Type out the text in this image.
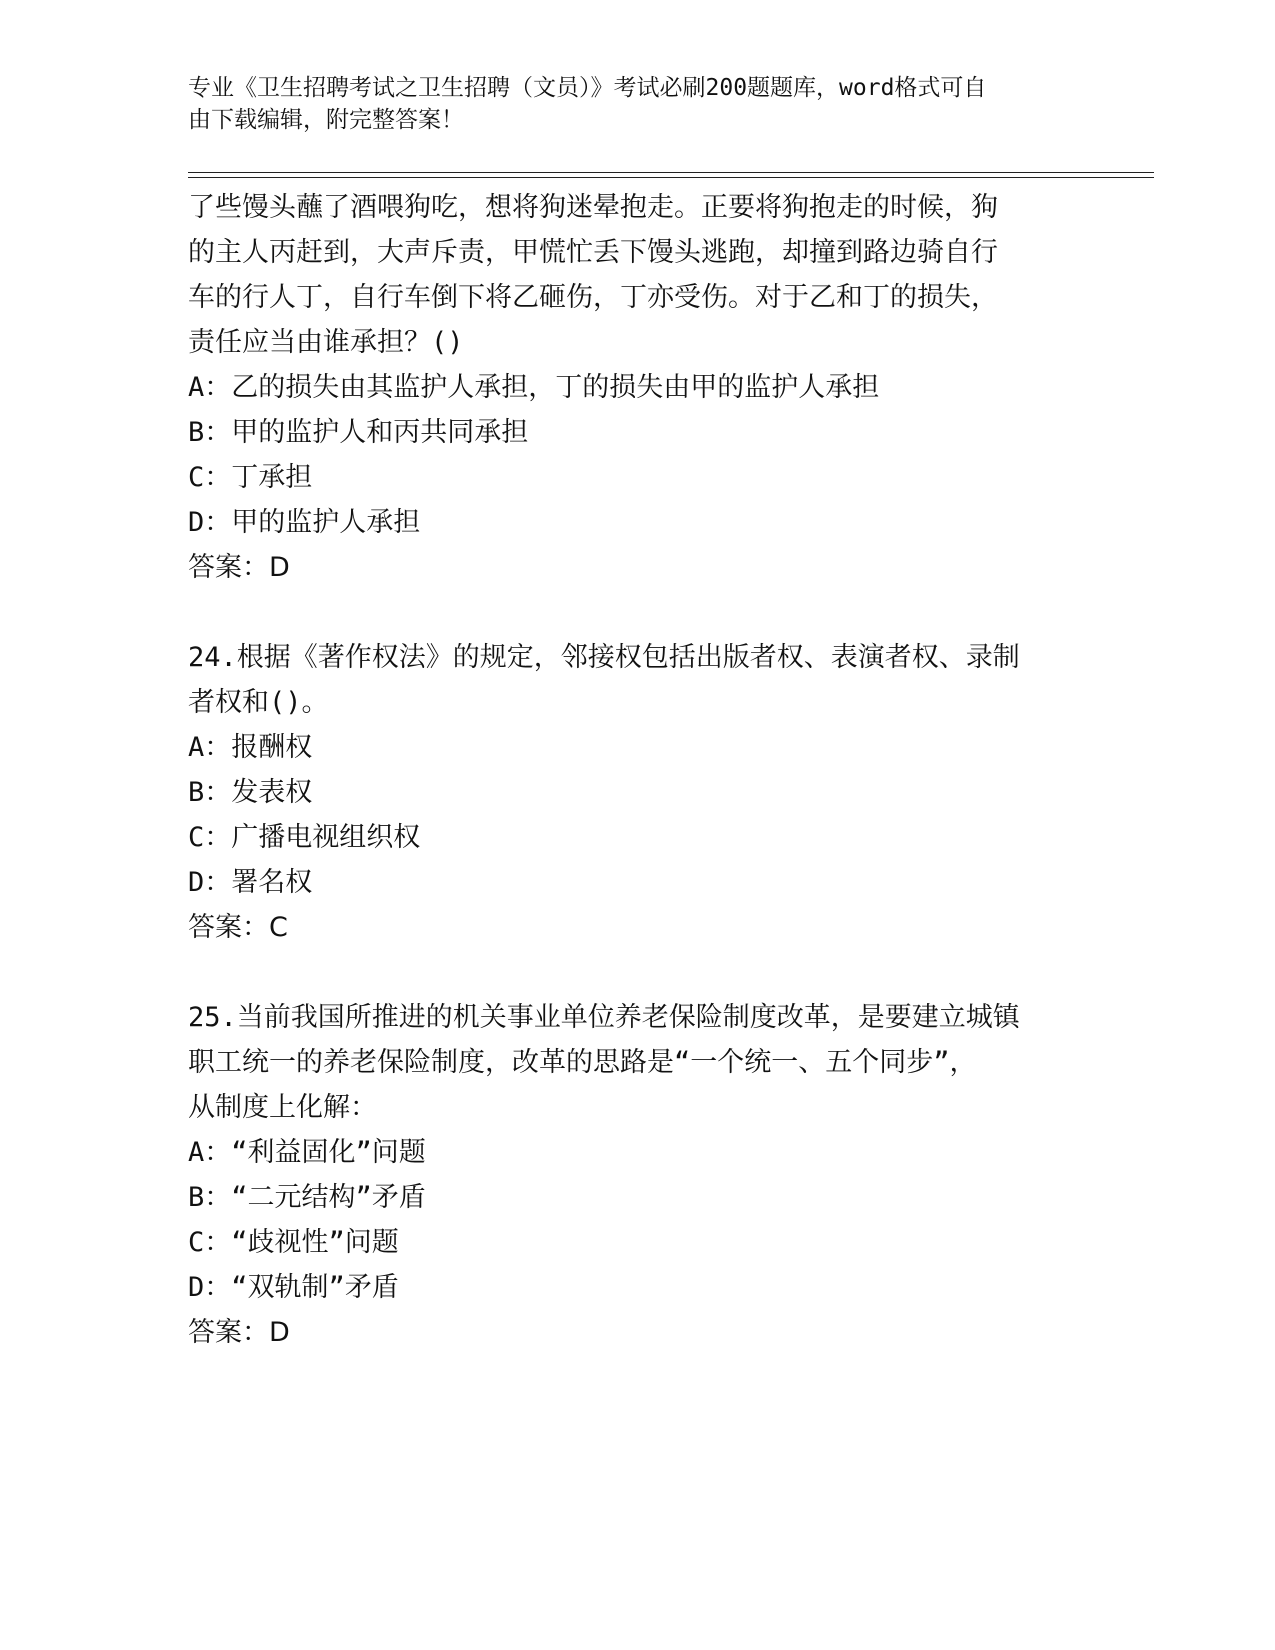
专业《卫生招聘考试之卫生招聘（文员）》考试必刷200题题库，word格式可自
由下载编辑，附完整答案！
了些馒头蘸了酒喂狗吃，想将狗迷晕抱走。正要将狗抱走的时候，狗
的主人丙赶到，大声斥责，甲慌忙丢下馒头逃跑，却撞到路边骑自行
车的行人丁，自行车倒下将乙砸伤，丁亦受伤。对于乙和丁的损失，
责任应当由谁承担？()
A：乙的损失由其监护人承担，丁的损失由甲的监护人承担
B：甲的监护人和丙共同承担
C：丁承担
D：甲的监护人承担
答案：D
24.根据《著作权法》的规定，邻接权包括出版者权、表演者权、录制
者权和()。
A：报酬权
B：发表权
C：广播电视组织权
D：署名权
答案：C
25.当前我国所推进的机关事业单位养老保险制度改革，是要建立城镇
职工统一的养老保险制度，改革的思路是“一个统一、五个同步”，
从制度上化解：
A：“利益固化”问题
B：“二元结构”矛盾
C：“歧视性”问题
D：“双轨制”矛盾
答案：D
